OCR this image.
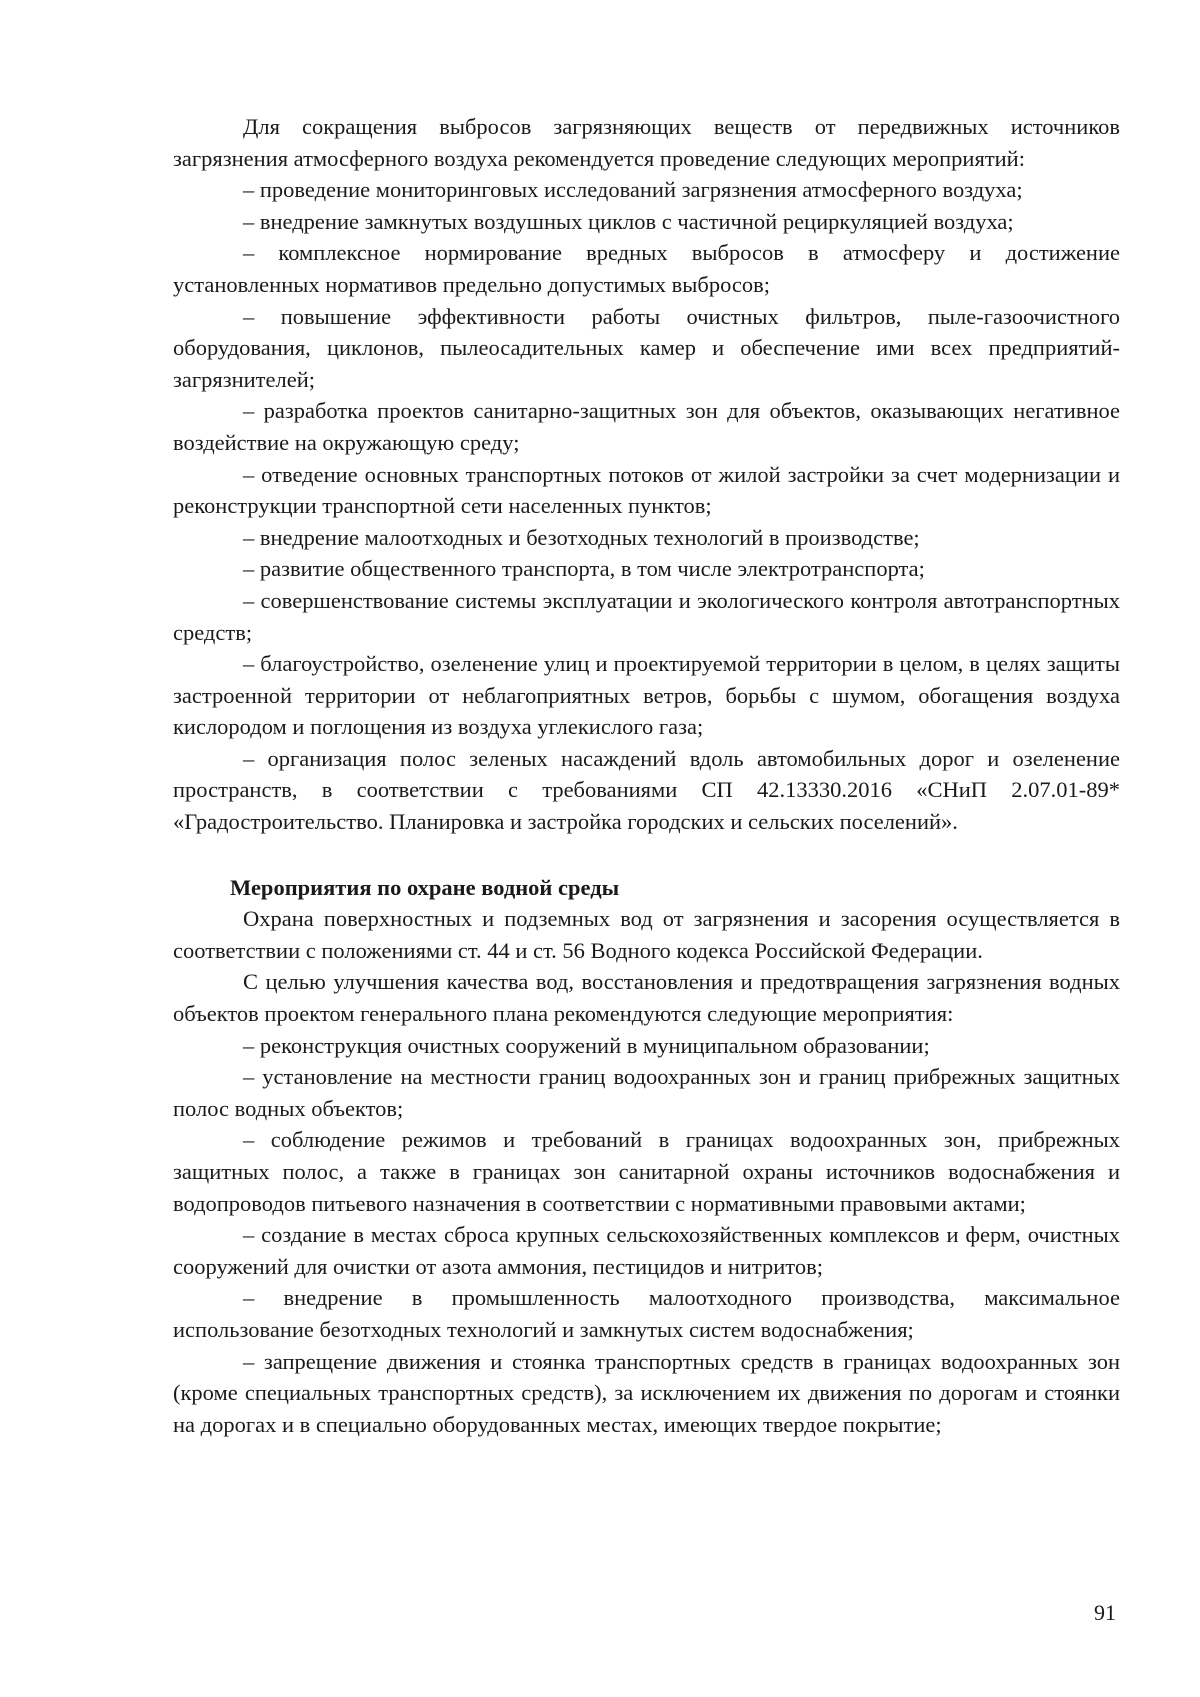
Для сокращения выбросов загрязняющих веществ от передвижных источников загрязнения атмосферного воздуха рекомендуется проведение следующих мероприятий:

– проведение мониторинговых исследований загрязнения атмосферного воздуха;

– внедрение замкнутых воздушных циклов с частичной рециркуляцией воздуха;

– комплексное нормирование вредных выбросов в атмосферу и достижение установленных нормативов предельно допустимых выбросов;

– повышение эффективности работы очистных фильтров, пыле-газоочистного оборудования, циклонов, пылеосадительных камер и обеспечение ими всех предприятий-загрязнителей;

– разработка проектов санитарно-защитных зон для объектов, оказывающих негативное воздействие на окружающую среду;

– отведение основных транспортных потоков от жилой застройки за счет модернизации и реконструкции транспортной сети населенных пунктов;

– внедрение малоотходных и безотходных технологий в производстве;

– развитие общественного транспорта, в том числе электротранспорта;

– совершенствование системы эксплуатации и экологического контроля автотранспортных средств;

– благоустройство, озеленение улиц и проектируемой территории в целом, в целях защиты застроенной территории от неблагоприятных ветров, борьбы с шумом, обогащения воздуха кислородом и поглощения из воздуха углекислого газа;

– организация полос зеленых насаждений вдоль автомобильных дорог и озеленение пространств, в соответствии с требованиями СП 42.13330.2016 «СНиП 2.07.01-89* «Градостроительство. Планировка и застройка городских и сельских поселений».

Мероприятия по охране водной среды

Охрана поверхностных и подземных вод от загрязнения и засорения осуществляется в соответствии с положениями ст. 44 и ст. 56 Водного кодекса Российской Федерации.

С целью улучшения качества вод, восстановления и предотвращения загрязнения водных объектов проектом генерального плана рекомендуются следующие мероприятия:

– реконструкция очистных сооружений в муниципальном образовании;

– установление на местности границ водоохранных зон и границ прибрежных защитных полос водных объектов;

– соблюдение режимов и требований в границах водоохранных зон, прибрежных защитных полос, а также в границах зон санитарной охраны источников водоснабжения и водопроводов питьевого назначения в соответствии с нормативными правовыми актами;

– создание в местах сброса крупных сельскохозяйственных комплексов и ферм, очистных сооружений для очистки от азота аммония, пестицидов и нитритов;

– внедрение в промышленность малоотходного производства, максимальное использование безотходных технологий и замкнутых систем водоснабжения;

– запрещение движения и стоянка транспортных средств в границах водоохранных зон (кроме специальных транспортных средств), за исключением их движения по дорогам и стоянки на дорогах и в специально оборудованных местах, имеющих твердое покрытие;

91
